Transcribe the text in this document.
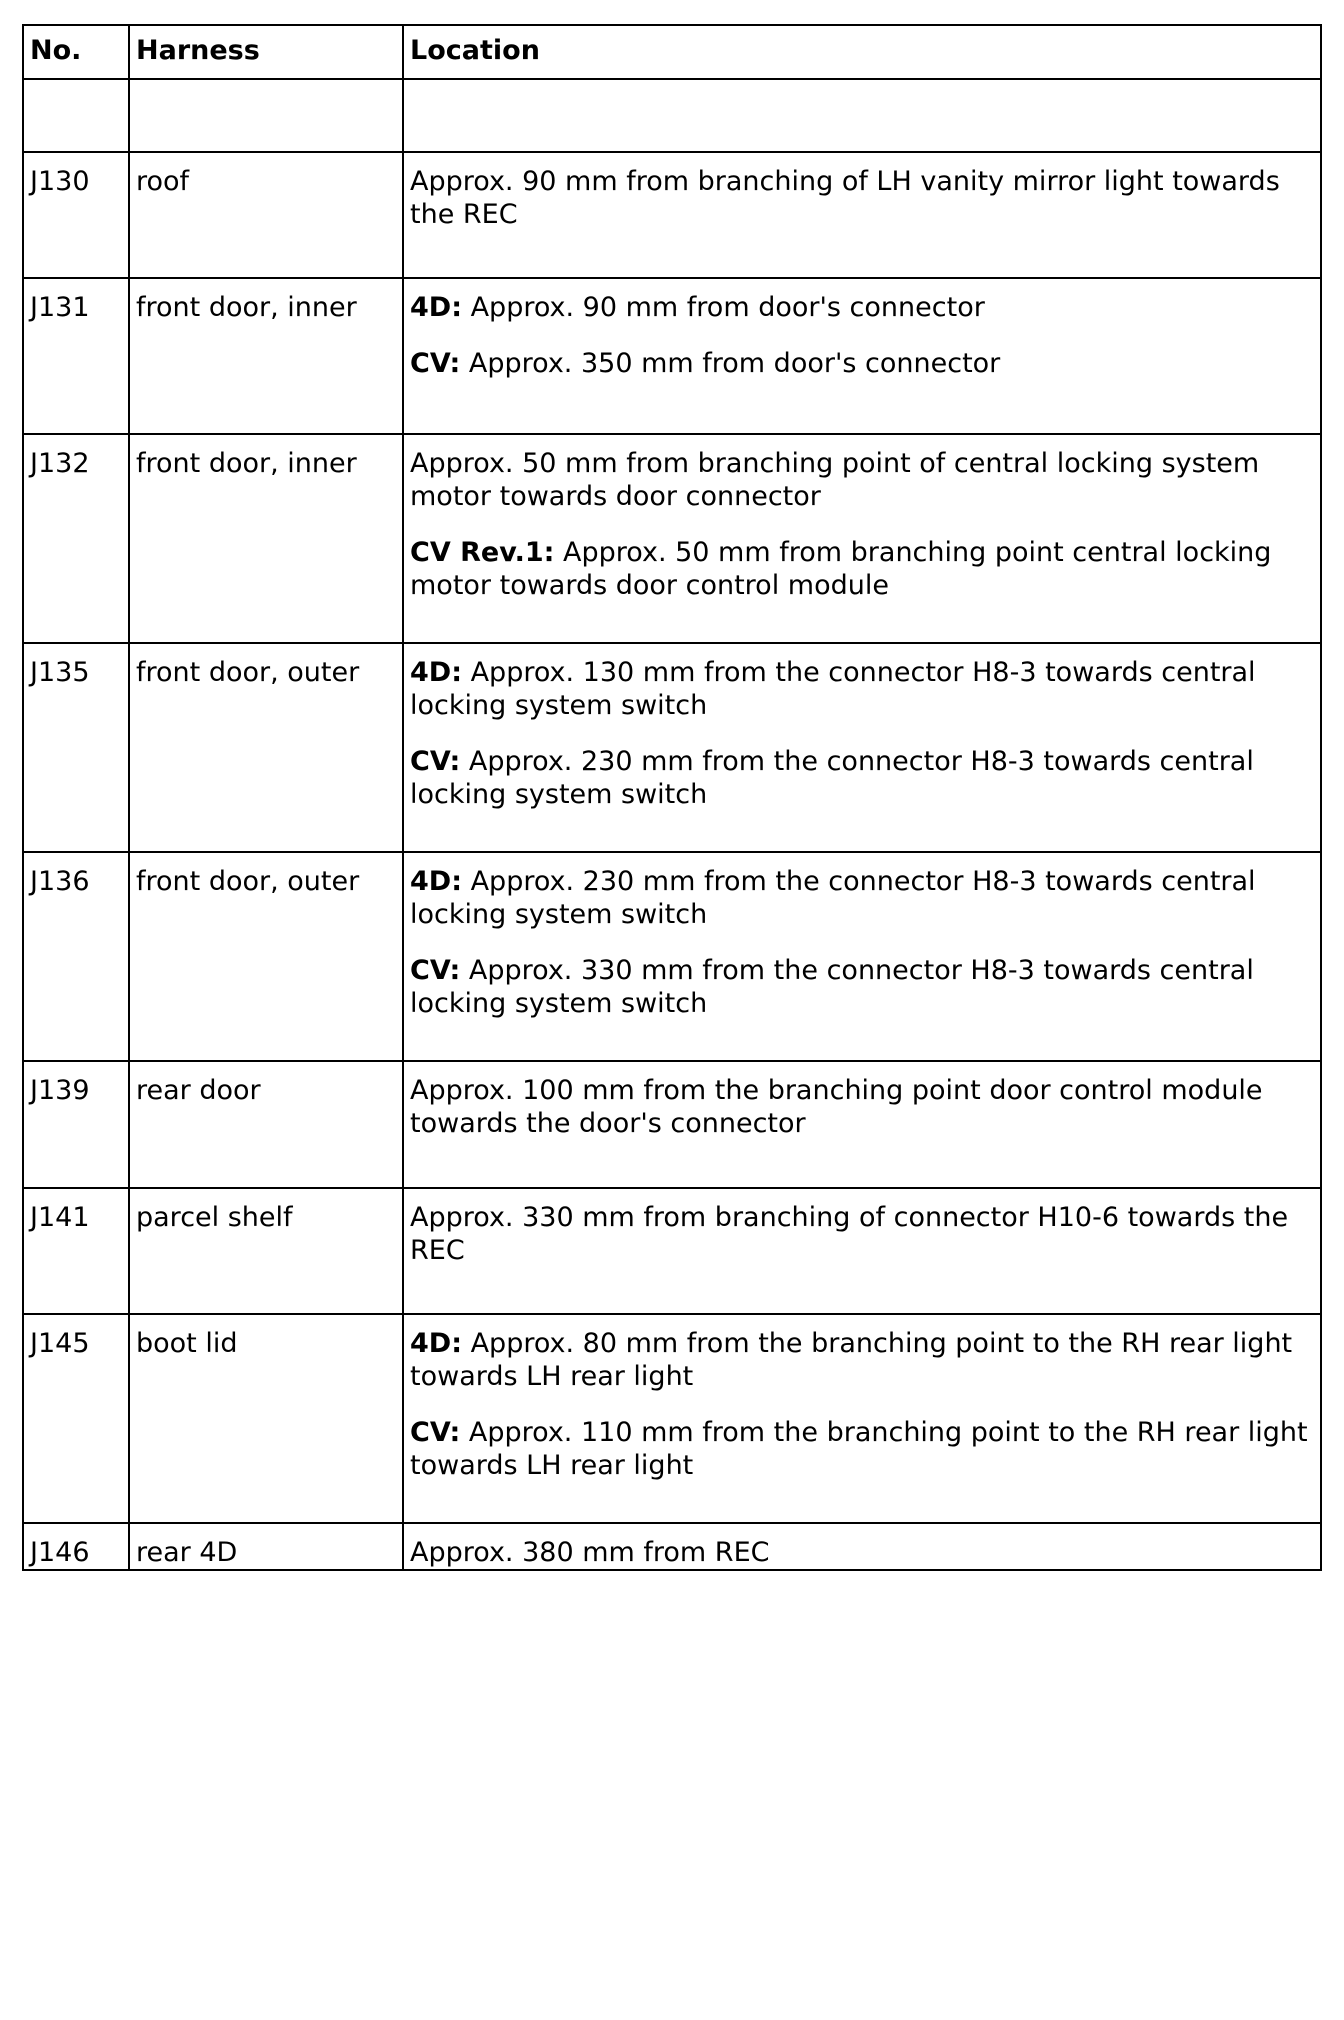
No.	Harness	Location

J130	roof	Approx. 90 mm from branching of LH vanity mirror light towards the REC

J131	front door, inner	4D: Approx. 90 mm from door's connector
CV: Approx. 350 mm from door's connector

J132	front door, inner	Approx. 50 mm from branching point of central locking system motor towards door connector
CV Rev.1: Approx. 50 mm from branching point central locking motor towards door control module

J135	front door, outer	4D: Approx. 130 mm from the connector H8-3 towards central locking system switch
CV: Approx. 230 mm from the connector H8-3 towards central locking system switch

J136	front door, outer	4D: Approx. 230 mm from the connector H8-3 towards central locking system switch
CV: Approx. 330 mm from the connector H8-3 towards central locking system switch

J139	rear door	Approx. 100 mm from the branching point door control module towards the door's connector

J141	parcel shelf	Approx. 330 mm from branching of connector H10-6 towards the REC

J145	boot lid	4D: Approx. 80 mm from the branching point to the RH rear light towards LH rear light
CV: Approx. 110 mm from the branching point to the RH rear light towards LH rear light

J146	rear 4D	Approx. 380 mm from REC
